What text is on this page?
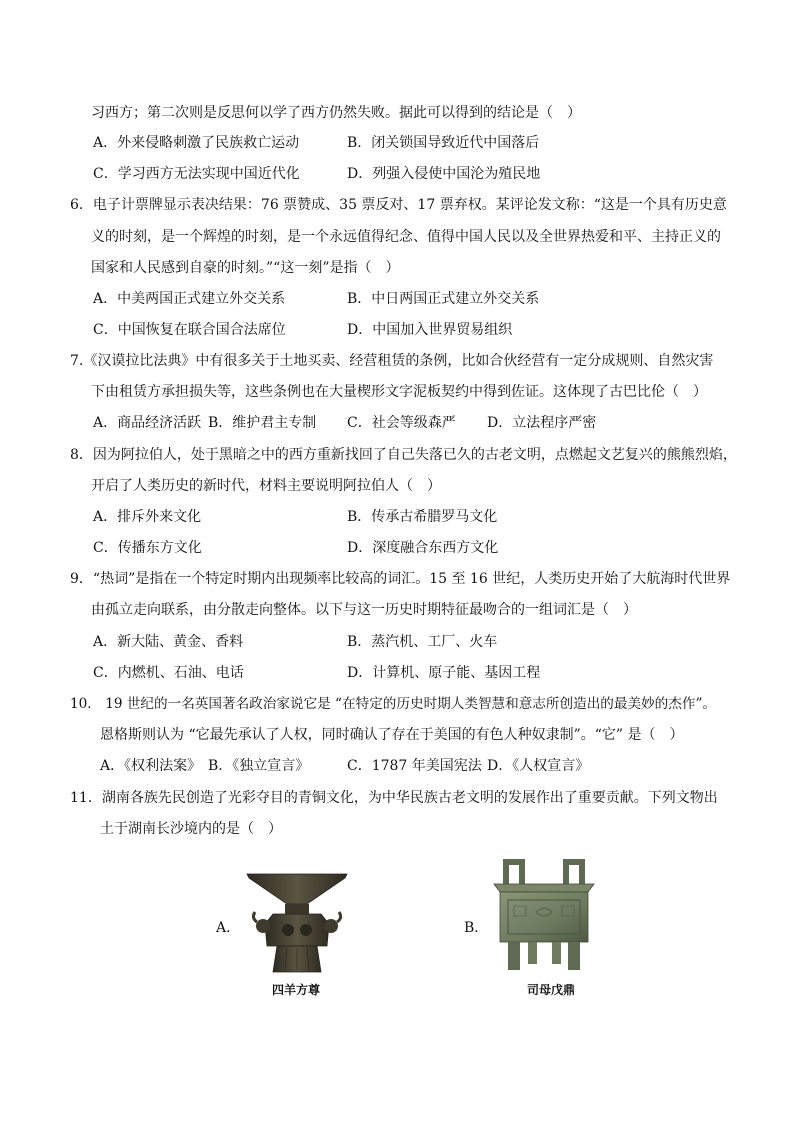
习西方；第二次则是反思何以学了西方仍然失败。据此可以得到的结论是（　）
A．外来侵略刺激了民族救亡运动	B．闭关锁国导致近代中国落后
C．学习西方无法实现中国近代化	D．列强入侵使中国沦为殖民地
6．电子计票牌显示表决结果：76 票赞成、35 票反对、17 票弃权。某评论发文称：“这是一个具有历史意
义的时刻，是一个辉煌的时刻，是一个永远值得纪念、值得中国人民以及全世界热爱和平、主持正义的
国家和人民感到自豪的时刻。”“这一刻”是指（　）
A．中美两国正式建立外交关系	B．中日两国正式建立外交关系
C．中国恢复在联合国合法席位	D．中国加入世界贸易组织
7.《汉谟拉比法典》中有很多关于土地买卖、经营租赁的条例，比如合伙经营有一定分成规则、自然灾害
下由租赁方承担损失等，这些条例也在大量楔形文字泥板契约中得到佐证。这体现了古巴比伦（　）
A．商品经济活跃 B．维护君主专制 C．社会等级森严 D．立法程序严密
8．因为阿拉伯人，处于黑暗之中的西方重新找回了自己失落已久的古老文明，点燃起文艺复兴的熊熊烈焰，
开启了人类历史的新时代，材料主要说明阿拉伯人（　）
A．排斥外来文化	B．传承古希腊罗马文化
C．传播东方文化	D．深度融合东西方文化
9．“热词”是指在一个特定时期内出现频率比较高的词汇。15 至 16 世纪，人类历史开始了大航海时代世界
由孤立走向联系，由分散走向整体。以下与这一历史时期特征最吻合的一组词汇是（　）
A．新大陆、黄金、香料	B．蒸汽机、工厂、火车
C．内燃机、石油、电话	D．计算机、原子能、基因工程
10． 19 世纪的一名英国著名政治家说它是 “在特定的历史时期人类智慧和意志所创造出的最美妙的杰作”。
恩格斯则认为 “它最先承认了人权，同时确认了存在于美国的有色人种奴隶制”。“它” 是（　）
A．《权利法案》 B．《独立宣言》	C．1787 年美国宪法 D．《人权宣言》
11．湖南各族先民创造了光彩夺目的青铜文化，为中华民族古老文明的发展作出了重要贡献。下列文物出
土于湖南长沙境内的是（　）
A．
四羊方尊
B．
司母戊鼎
